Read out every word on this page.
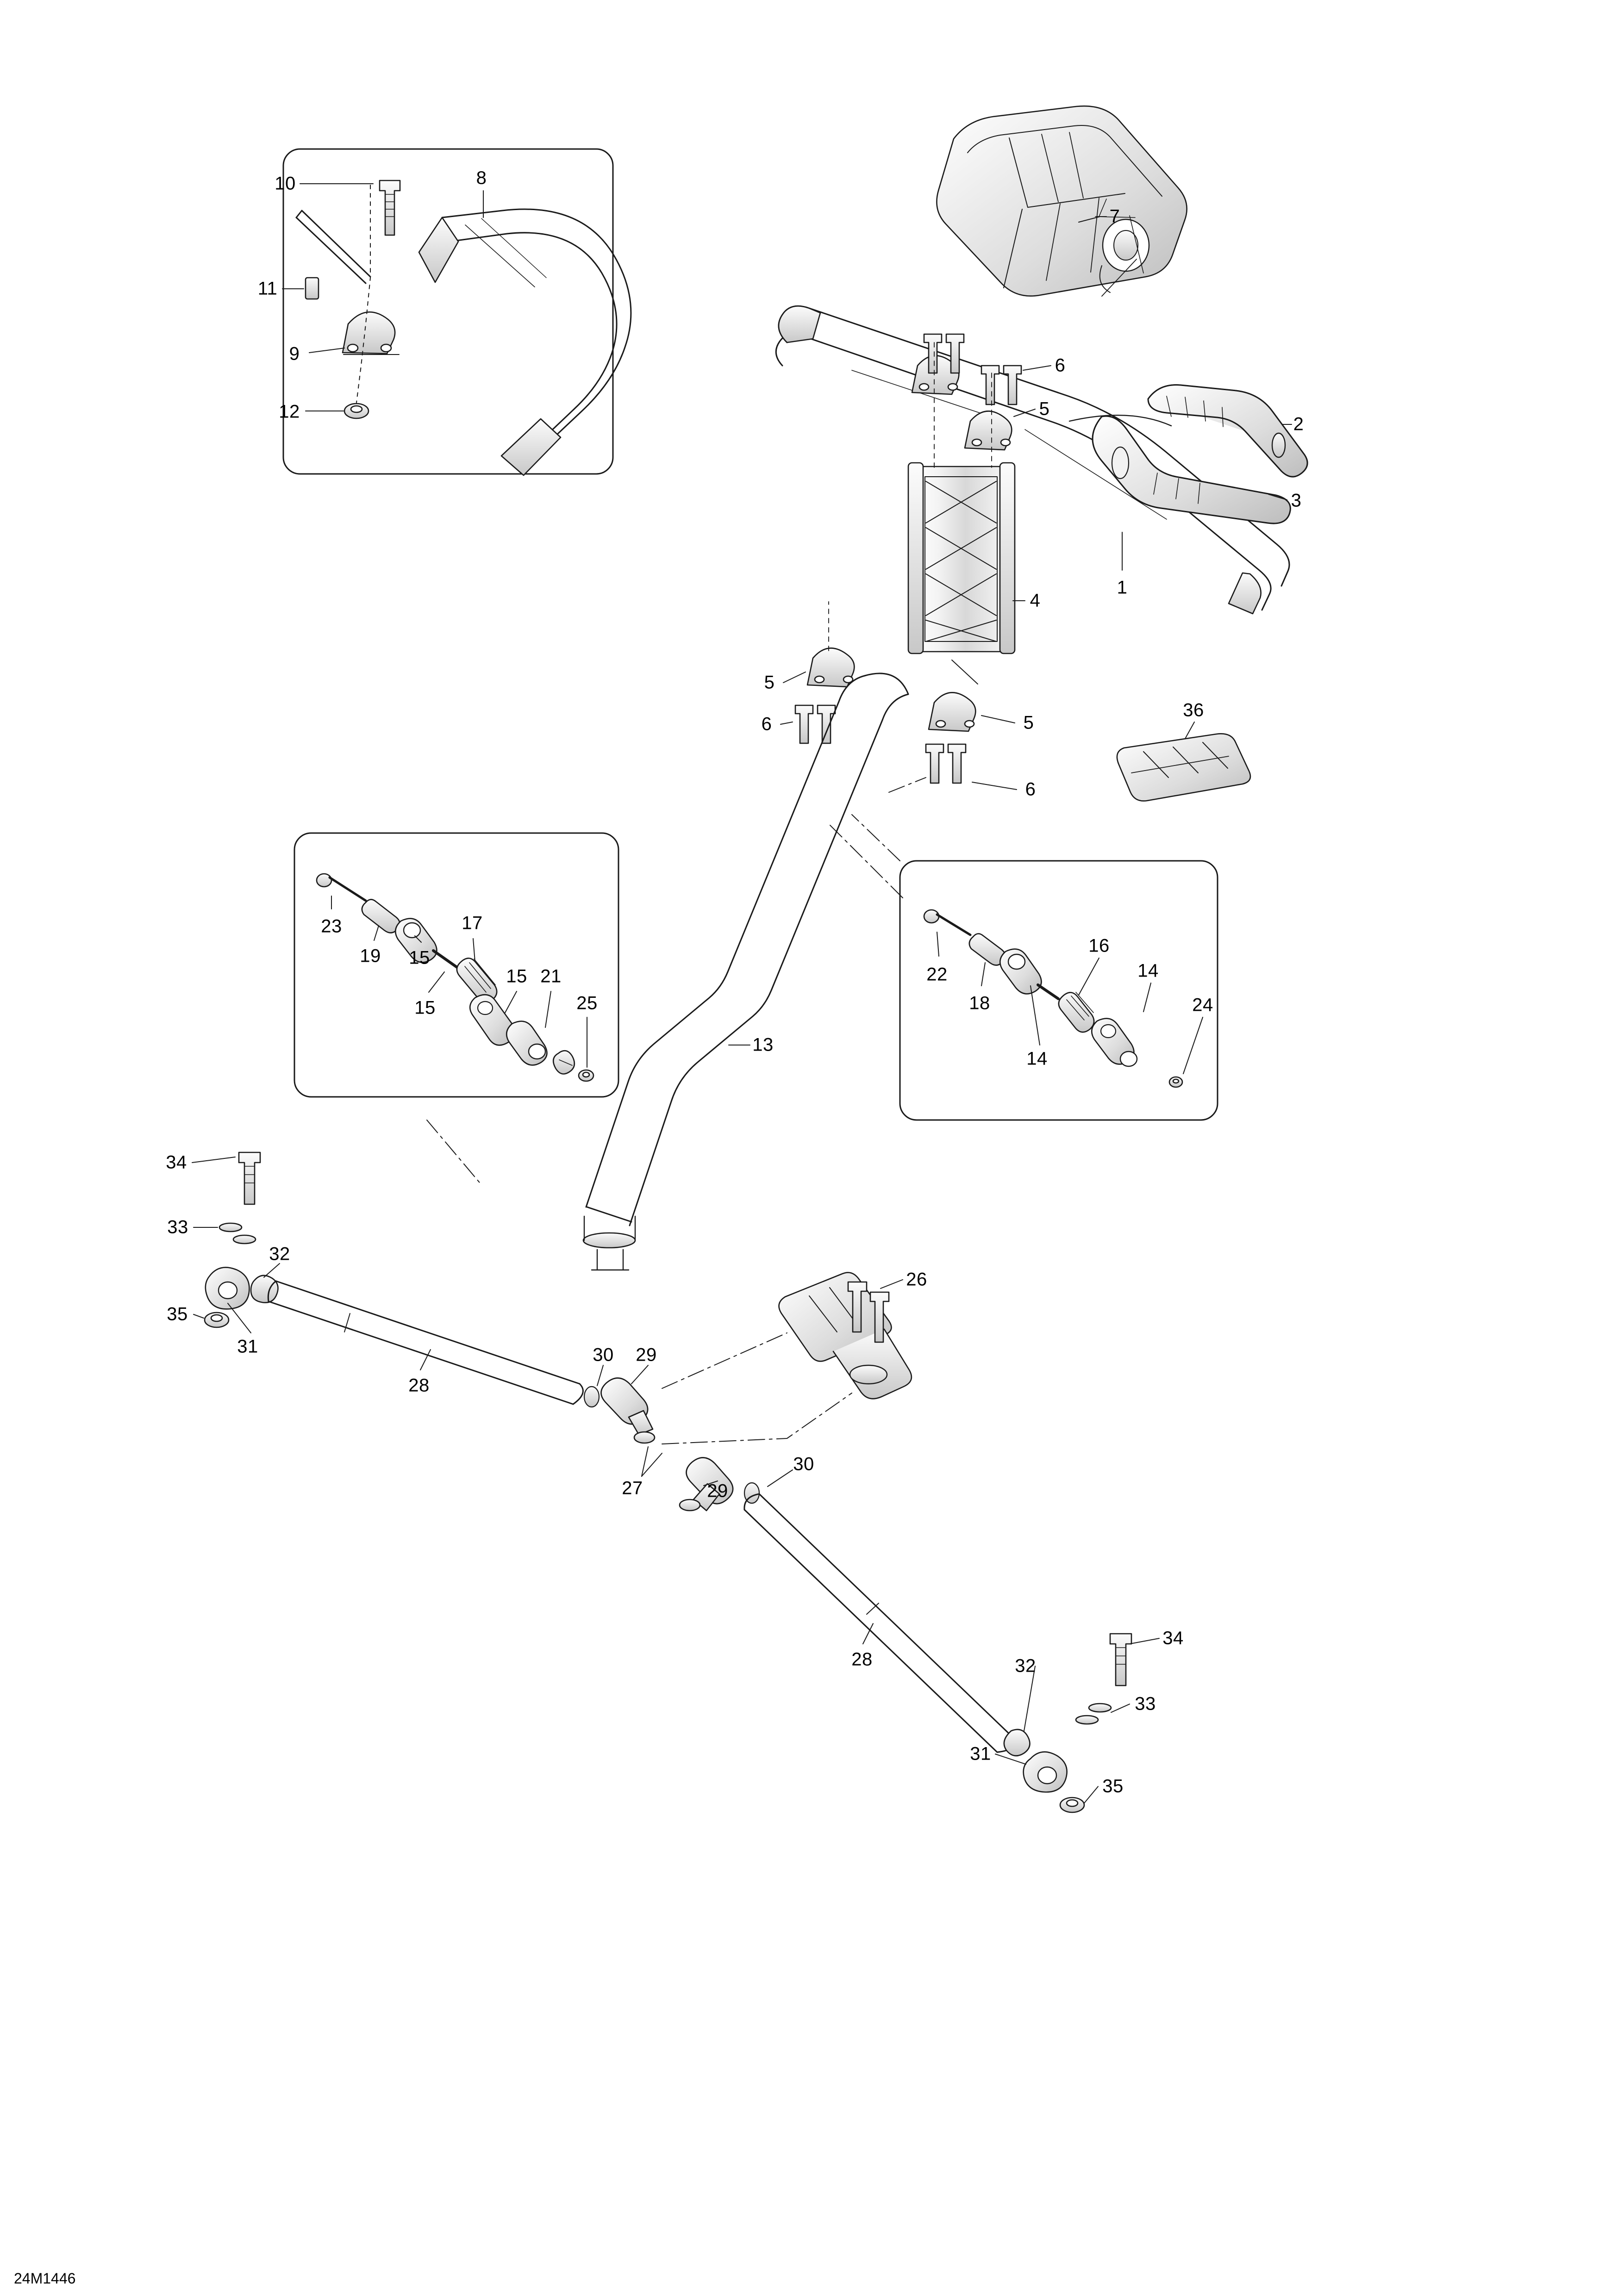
10	8
11
9
12
7
6
5
2
3
1
4
5
6	5
6
36
23
19
17
15
15
15
21
25
22
18
16
14
24
14
13
34
33
32
35
31
28
30 29
26
27	29
30
28
34
32
33
31
35
24M1446
